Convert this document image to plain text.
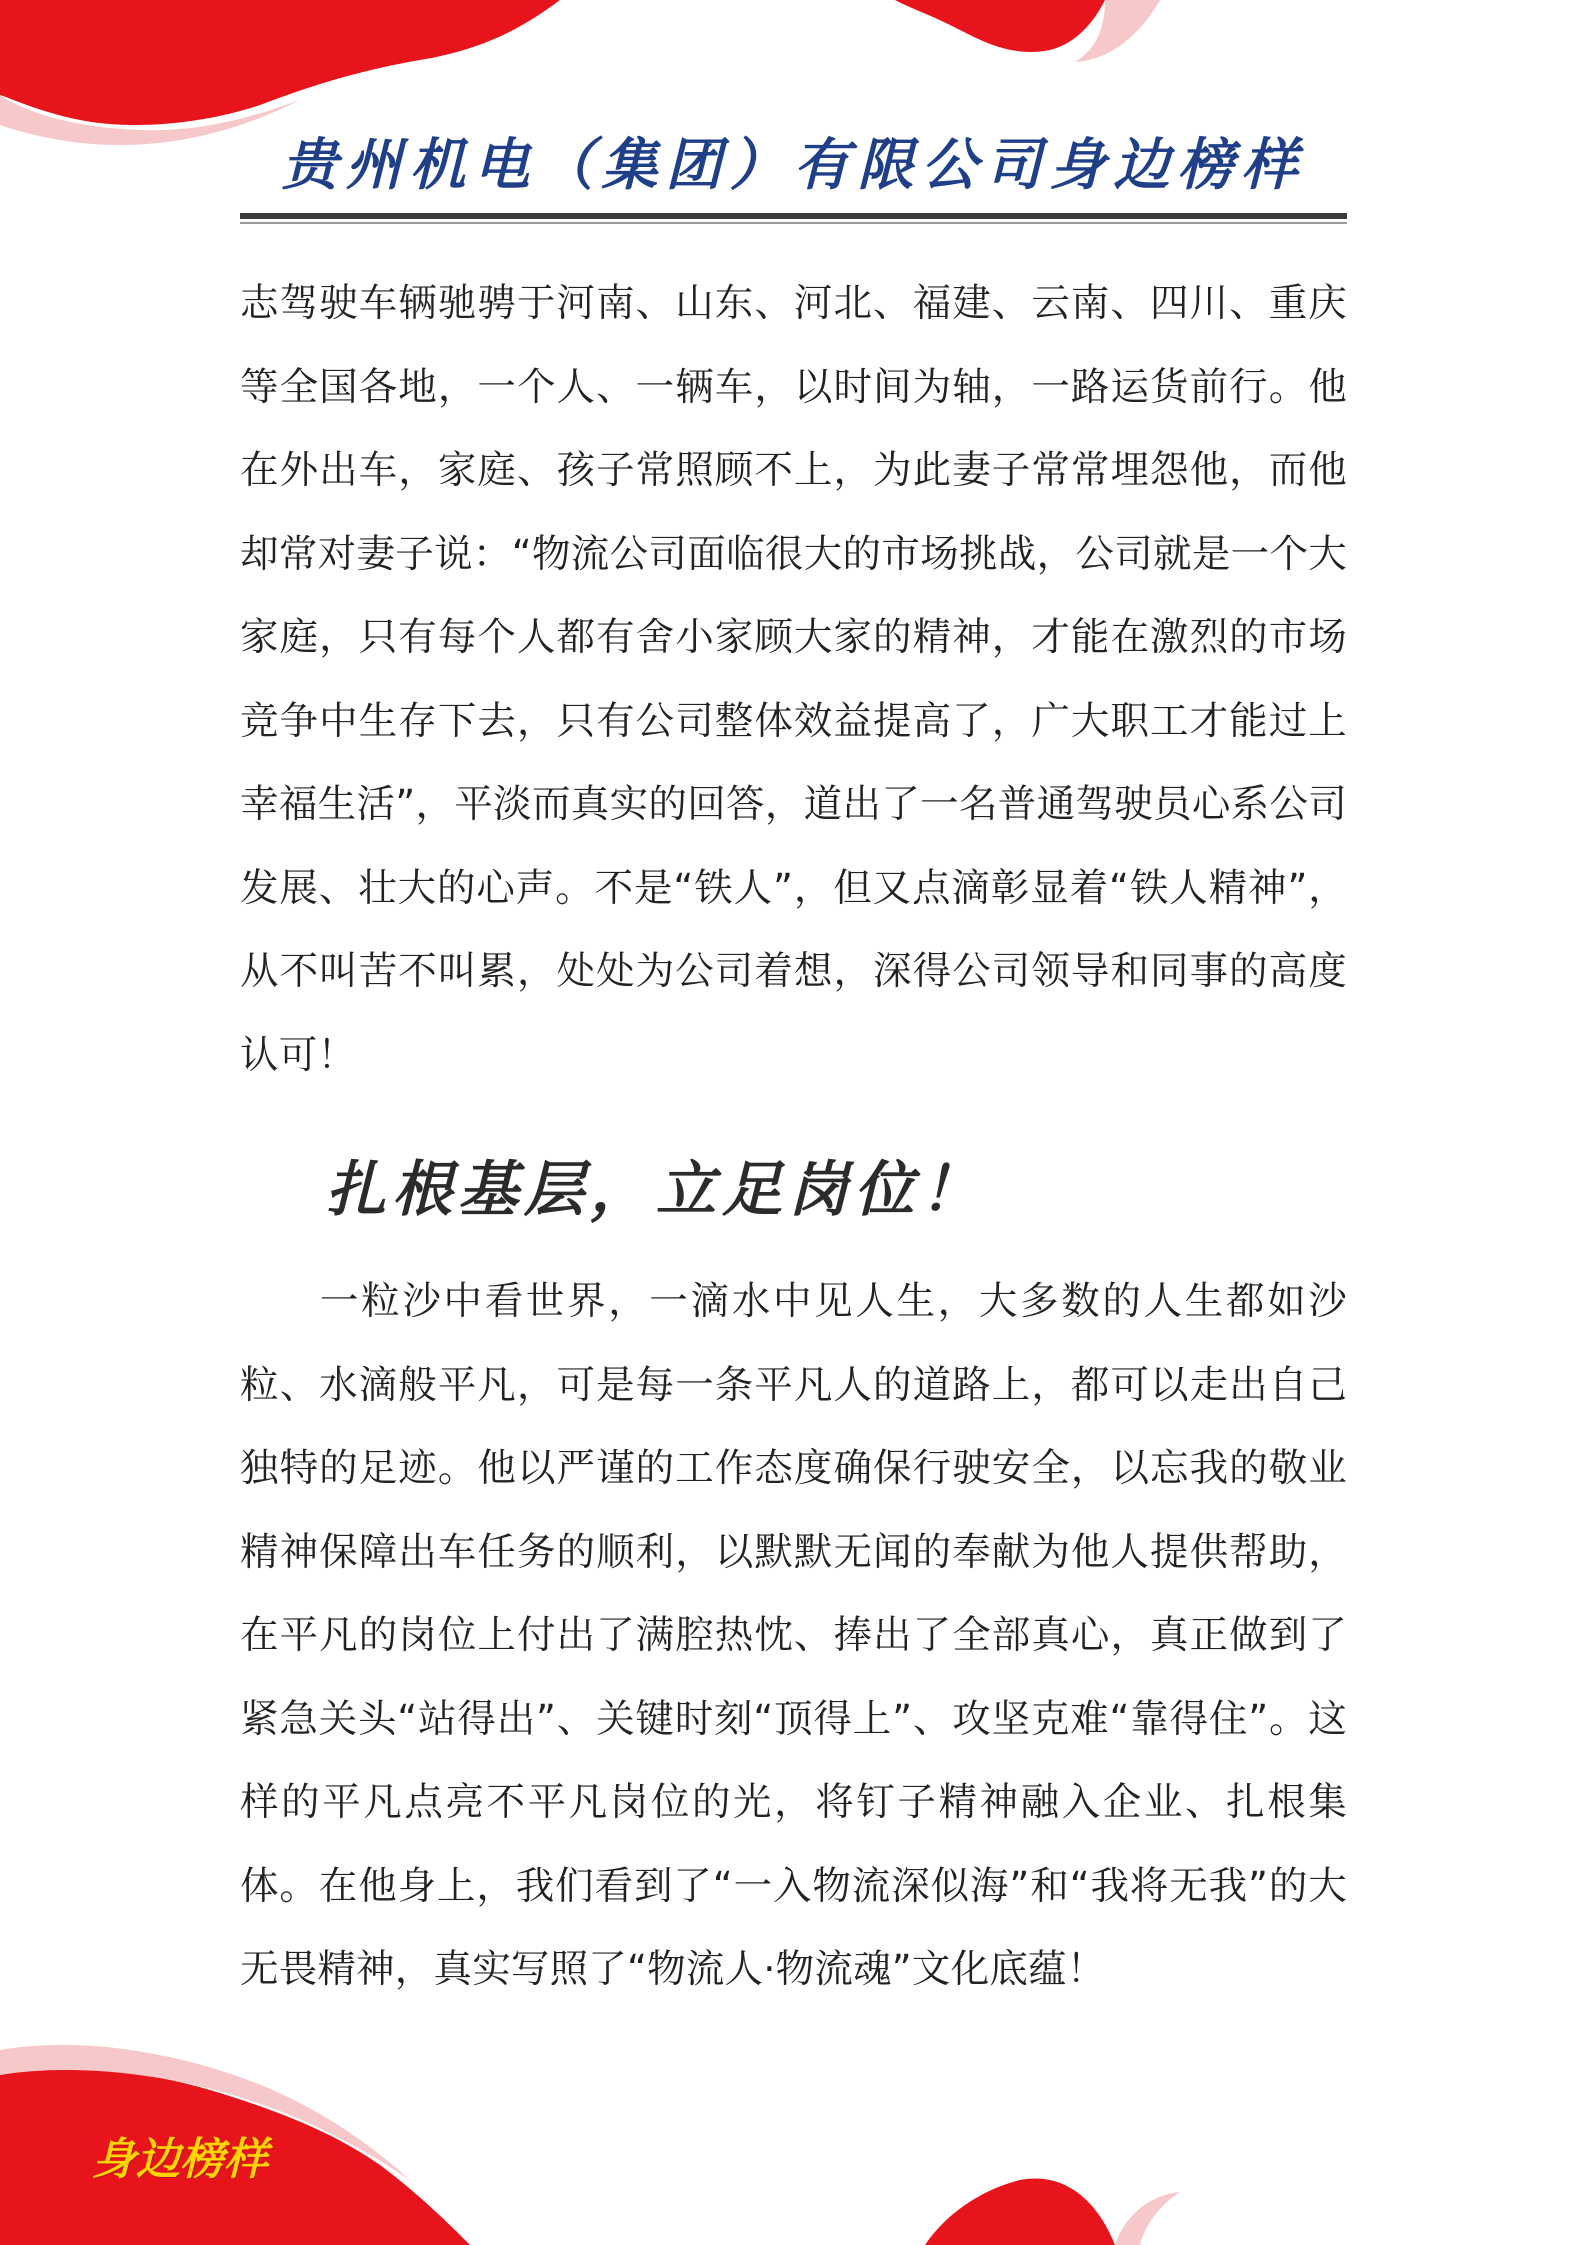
贵州机电（集团）有限公司身边榜样

志驾驶车辆驰骋于河南、山东、河北、福建、云南、四川、重庆等全国各地，一个人、一辆车，以时间为轴，一路运货前行。他在外出车，家庭、孩子常照顾不上，为此妻子常常埋怨他，而他却常对妻子说：“物流公司面临很大的市场挑战，公司就是一个大家庭，只有每个人都有舍小家顾大家的精神，才能在激烈的市场竞争中生存下去，只有公司整体效益提高了，广大职工才能过上幸福生活”，平淡而真实的回答，道出了一名普通驾驶员心系公司发展、壮大的心声。不是“铁人”，但又点滴彰显着“铁人精神”，从不叫苦不叫累，处处为公司着想，深得公司领导和同事的高度认可！

扎根基层，立足岗位！

一粒沙中看世界，一滴水中见人生，大多数的人生都如沙粒、水滴般平凡，可是每一条平凡人的道路上，都可以走出自己独特的足迹。他以严谨的工作态度确保行驶安全，以忘我的敬业精神保障出车任务的顺利，以默默无闻的奉献为他人提供帮助，在平凡的岗位上付出了满腔热忱、捧出了全部真心，真正做到了紧急关头“站得出”、关键时刻“顶得上”、攻坚克难“靠得住”。这样的平凡点亮不平凡岗位的光，将钉子精神融入企业、扎根集体。在他身上，我们看到了“一入物流深似海”和“我将无我”的大无畏精神，真实写照了“物流人·物流魂”文化底蕴！

身边榜样
